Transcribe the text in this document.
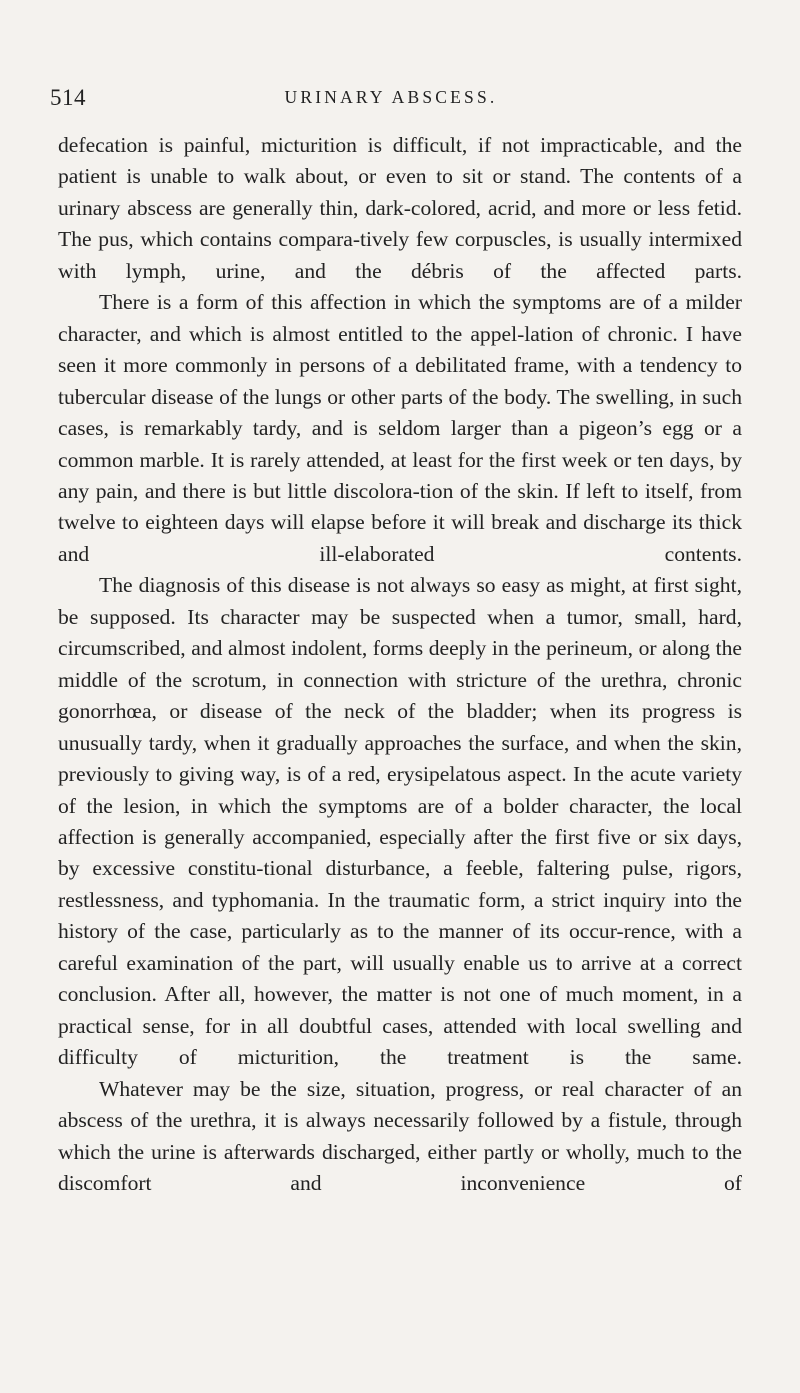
514	URINARY ABSCESS.

defecation is painful, micturition is difficult, if not impracticable, and the patient is unable to walk about, or even to sit or stand. The contents of a urinary abscess are generally thin, dark-colored, acrid, and more or less fetid. The pus, which contains compara-tively few corpuscles, is usually intermixed with lymph, urine, and the débris of the affected parts.

There is a form of this affection in which the symptoms are of a milder character, and which is almost entitled to the appel-lation of chronic. I have seen it more commonly in persons of a debilitated frame, with a tendency to tubercular disease of the lungs or other parts of the body. The swelling, in such cases, is remarkably tardy, and is seldom larger than a pigeon’s egg or a common marble. It is rarely attended, at least for the first week or ten days, by any pain, and there is but little discolora-tion of the skin. If left to itself, from twelve to eighteen days will elapse before it will break and discharge its thick and ill-elaborated contents.

The diagnosis of this disease is not always so easy as might, at first sight, be supposed. Its character may be suspected when a tumor, small, hard, circumscribed, and almost indolent, forms deeply in the perineum, or along the middle of the scrotum, in connection with stricture of the urethra, chronic gonorrhœa, or disease of the neck of the bladder; when its progress is unusually tardy, when it gradually approaches the surface, and when the skin, previously to giving way, is of a red, erysipelatous aspect. In the acute variety of the lesion, in which the symptoms are of a bolder character, the local affection is generally accompanied, especially after the first five or six days, by excessive constitu-tional disturbance, a feeble, faltering pulse, rigors, restlessness, and typhomania. In the traumatic form, a strict inquiry into the history of the case, particularly as to the manner of its occur-rence, with a careful examination of the part, will usually enable us to arrive at a correct conclusion. After all, however, the matter is not one of much moment, in a practical sense, for in all doubtful cases, attended with local swelling and difficulty of micturition, the treatment is the same.

Whatever may be the size, situation, progress, or real character of an abscess of the urethra, it is always necessarily followed by a fistule, through which the urine is afterwards discharged, either partly or wholly, much to the discomfort and inconvenience of
